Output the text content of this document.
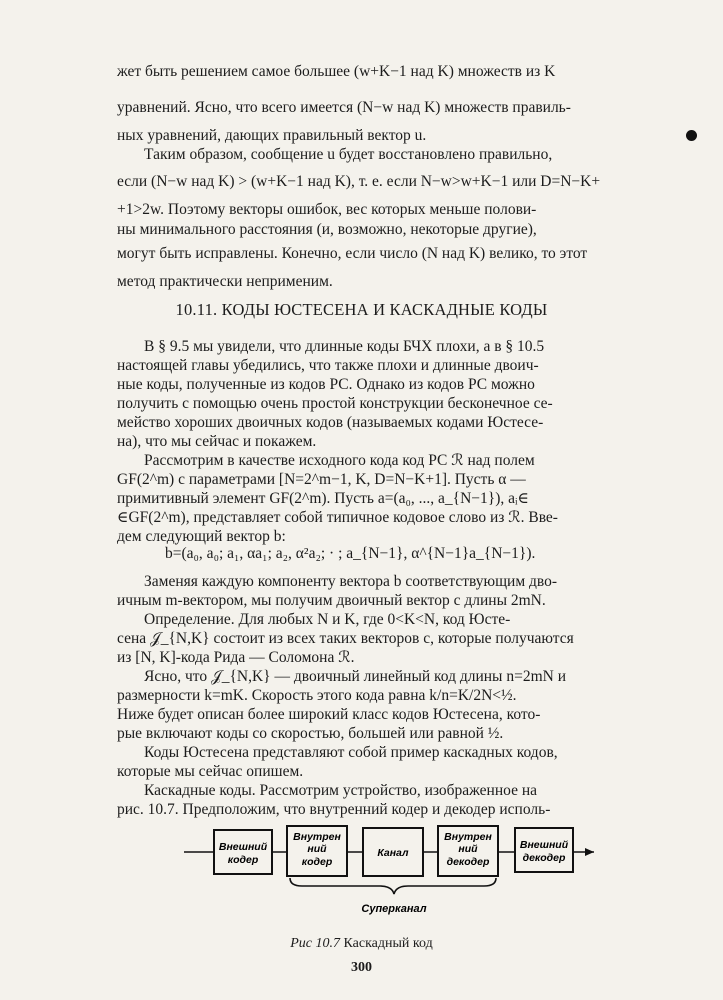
жет быть решением самое большее (w+K−1 над K) множеств из K
уравнений. Ясно, что всего имеется (N−w над K) множеств правиль-
ных уравнений, дающих правильный вектор u.
Таким образом, сообщение u будет восстановлено правильно,
если (N−w над K) > (w+K−1 над K), т. е. если N−w>w+K−1 или D=N−K+
+1>2w. Поэтому векторы ошибок, вес которых меньше полови-
ны минимального расстояния (и, возможно, некоторые другие),
могут быть исправлены. Конечно, если число (N над K) велико, то этот
метод практически неприменим.
10.11. КОДЫ ЮСТЕСЕНА И КАСКАДНЫЕ КОДЫ
В § 9.5 мы увидели, что длинные коды БЧХ плохи, а в § 10.5
настоящей главы убедились, что также плохи и длинные двоич-
ные коды, полученные из кодов РС. Однако из кодов РС можно
получить с помощью очень простой конструкции бесконечное се-
мейство хороших двоичных кодов (называемых кодами Юстесе-
на), что мы сейчас и покажем.
Рассмотрим в качестве исходного кода код РС ℛ над полем
GF(2^m) с параметрами [N=2^m−1, K, D=N−K+1]. Пусть α —
примитивный элемент GF(2^m). Пусть a=(a₀, ..., a_{N−1}), aᵢ∈
∈GF(2^m), представляет собой типичное кодовое слово из ℛ. Вве-
дем следующий вектор b:
b=(a₀, a₀; a₁, αa₁; a₂, α²a₂; · ; a_{N−1}, α^{N−1}a_{N−1}).
Заменяя каждую компоненту вектора b соответствующим дво-
ичным m-вектором, мы получим двоичный вектор c длины 2mN.
Определение. Для любых N и K, где 0<K<N, код Юсте-
сена 𝒥_{N,K} состоит из всех таких векторов c, которые получаются
из [N, K]-кода Рида — Соломона ℛ.
Ясно, что 𝒥_{N,K} — двоичный линейный код длины n=2mN и
размерности k=mK. Скорость этого кода равна k/n=K/2N<½.
Ниже будет описан более широкий класс кодов Юстесена, кото-
рые включают коды со скоростью, большей или равной ½.
Коды Юстесена представляют собой пример каскадных кодов,
которые мы сейчас опишем.
Каскадные коды. Рассмотрим устройство, изображенное на
рис. 10.7. Предположим, что внутренний кодер и декодер исполь-
Внешний
кодер
Внутрен
ний
кодер
Канал
Внутрен
ний
декодер
Внешний
декодер
Суперканал
Рис 10.7 Каскадный код
300
